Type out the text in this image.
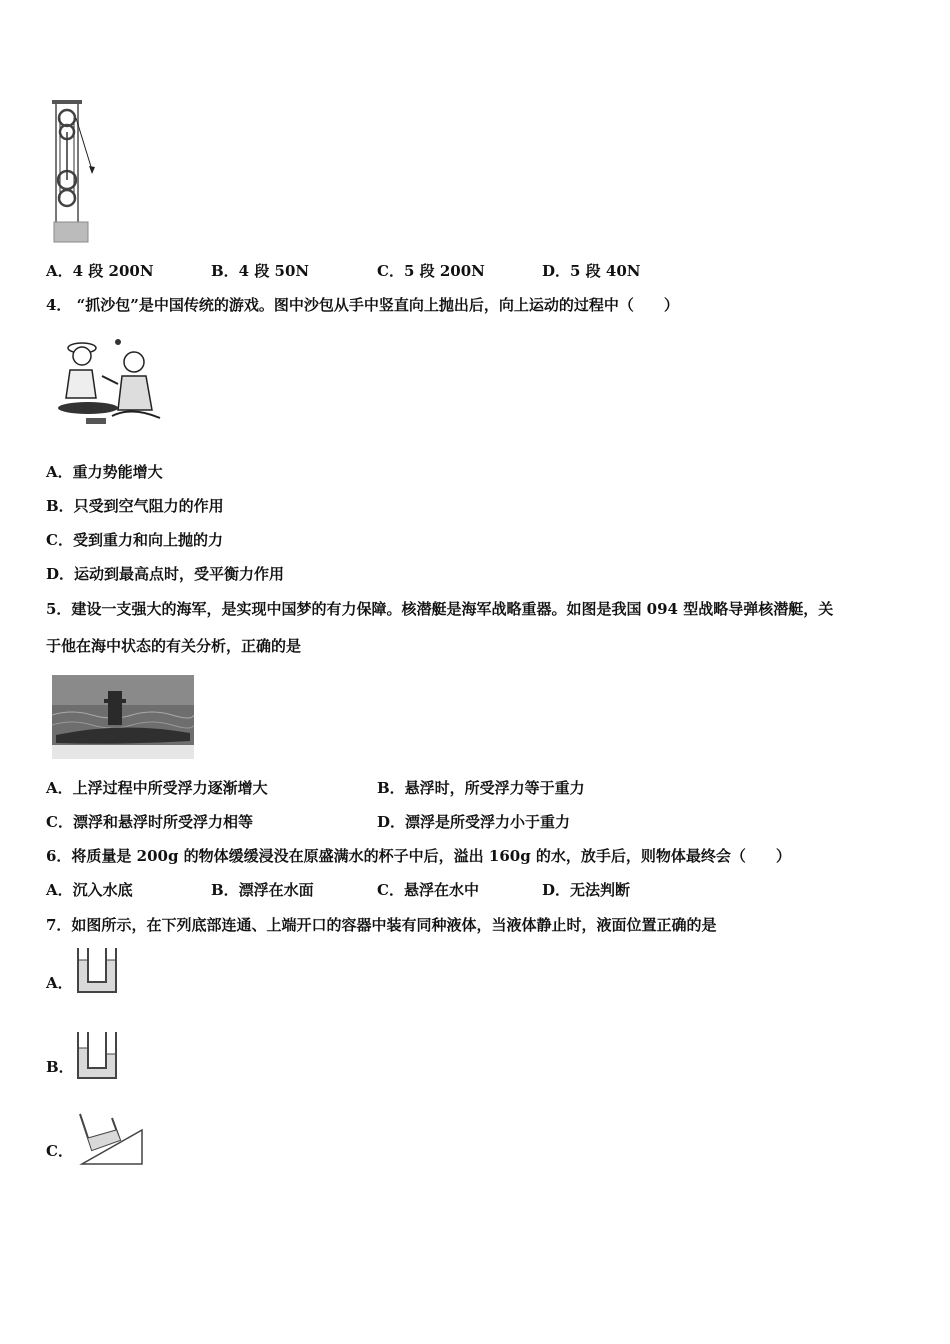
A．4 段 200N	B．4 段 50N	C．5 段 200N	D．5 段 40N
4． “抓沙包”是中国传统的游戏。图中沙包从手中竖直向上抛出后，向上运动的过程中（　　）
A．重力势能增大
B．只受到空气阻力的作用
C．受到重力和向上抛的力
D．运动到最高点时，受平衡力作用
5．建设一支强大的海军，是实现中国梦的有力保障。核潜艇是海军战略重器。如图是我国 094 型战略导弹核潜艇，关
于他在海中状态的有关分析，正确的是
A．上浮过程中所受浮力逐渐增大	B．悬浮时，所受浮力等于重力
C．漂浮和悬浮时所受浮力相等	D．漂浮是所受浮力小于重力
6．将质量是 200g 的物体缓缓浸没在原盛满水的杯子中后，溢出 160g 的水，放手后，则物体最终会（　　）
A．沉入水底	B．漂浮在水面	C．悬浮在水中	D．无法判断
7．如图所示，在下列底部连通、上端开口的容器中装有同种液体，当液体静止时，液面位置正确的是
A．
B．
C．
